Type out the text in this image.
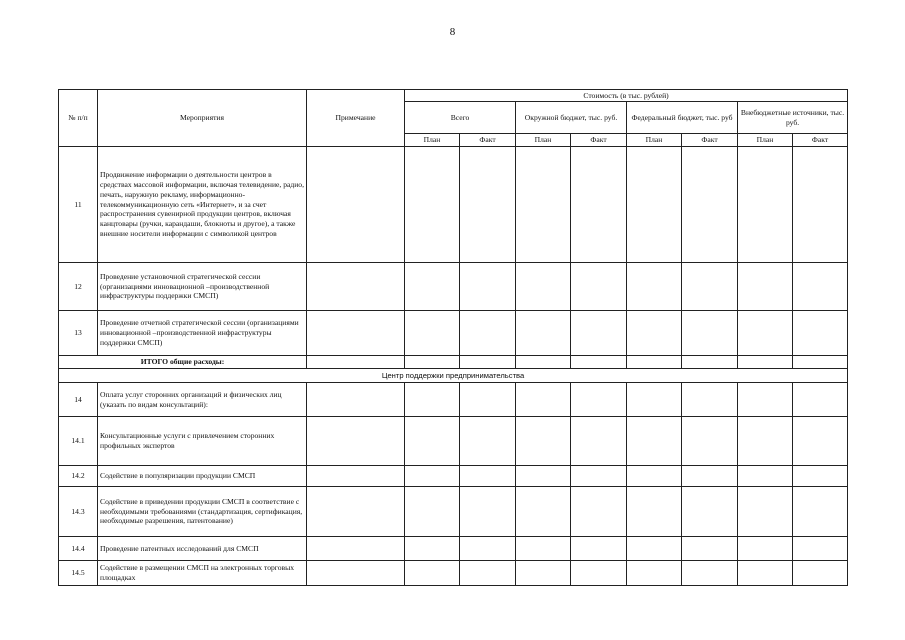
8
№ п/п	Мероприятия	Примечание	Стоимость (в тыс. рублей)							
			Всего		Окружной бюджет, тыс. руб.		Федеральный бюджет, тыс. руб		Внебюджетные источники, тыс. руб.	
			План	Факт	План	Факт	План	Факт	План	Факт
11	Продвижение информации о деятельности центров в средствах массовой информации, включая телевидение, радио, печать, наружную рекламу, информационно-телекоммуникационную сеть «Интернет», и за счет распространения сувенирной продукции центров, включая канцтовары (ручки, карандаши, блокноты и другое), а также внешние носители информации с символикой центров									
12	Проведение установочной стратегической сессии (организациями инновационной –производственной инфраструктуры поддержки СМСП)									
13	Проведение отчетной стратегической сессии (организациями инновационной –производственной инфраструктуры поддержки СМСП)									
ИТОГО общие расходы:										
Центр поддержки предпринимательства										
14	Оплата услуг сторонних организаций и физических лиц (указать по видам консультаций):									
14.1	Консультационные услуги с привлечением сторонних профильных экспертов									
14.2	Содействие в популяризации продукции СМСП									
14.3	Содействие в приведении продукции СМСП в соответствие с необходимыми требованиями (стандартизация, сертификация, необходимые разрешения, патентование)									
14.4	Проведение патентных исследований для СМСП									
14.5	Содействие в размещении СМСП на электронных торговых площадках									
